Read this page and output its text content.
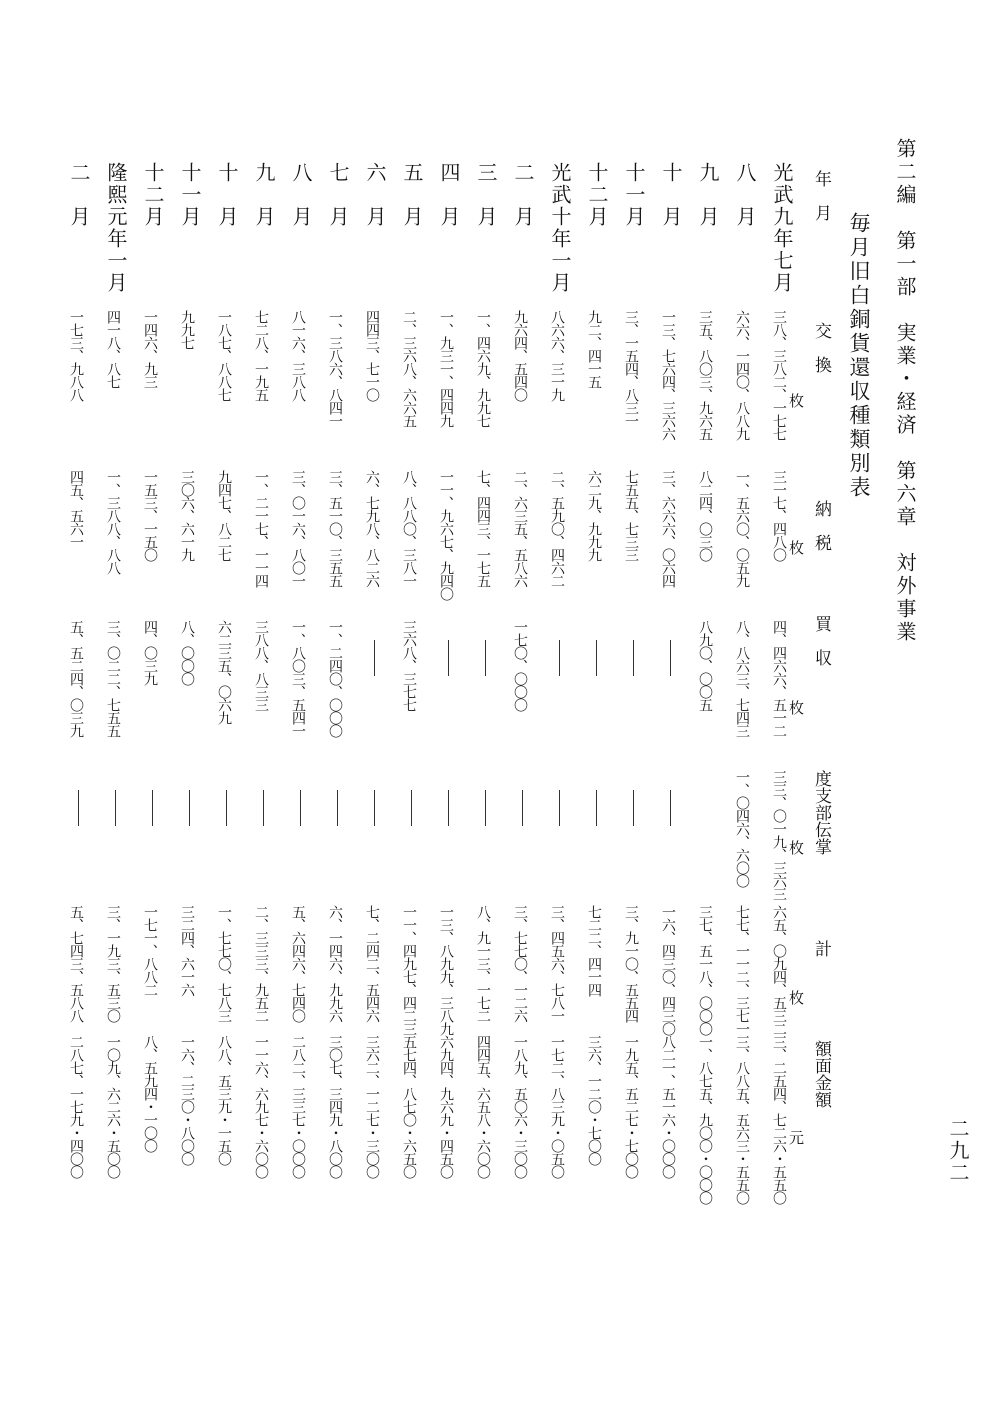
第二編　第一部　実業・経済　第六章　対外事業
二九二
毎月旧白銅貨還収種類別表
年　月
交　換
納　税
買　収
度支部伝掌
計
額面金額
光武九年七月
三八、三八二、一七七
三一七、四八〇
四、四六六、五一二
三三、〇一九、三六三
六五、〇九四、五三二
三、二五四、七二六・五五〇
八　月
六六、一四〇、八八九
一、五六〇、〇五九
八、八六三、七四三
一、〇四六、六〇〇
七七、一一二、三七一
三、八八五、五六三・五五〇
九　月
三五、八〇三、九六五
八二四、〇三〇
八九〇、〇〇五
三七、五一八、〇〇〇
一、八七五、九〇〇・〇〇〇
十　月
一三、七六四、三六六
三、六六六、〇六四
一六、四三〇、四三〇
八二一、五一六・〇〇〇
十一月
三、一五四、八三一
七五五、七三三
三、九一〇、五五四
一九五、五二七・七〇〇
十二月
九二、四一五
六二九、九九九
七二二、四一四
三六、一二〇・七〇〇
光武十年一月
八六六、三一九
二、五九〇、四六二
三、四五六、七八一
一七二、八三九・〇五〇
二　月
九六四、五四〇
二、六三五、五八六
一七〇、〇〇〇
三、七七〇、一二六
一八九、五〇六・三〇〇
三　月
一、四六九、九九七
七、四四三、一七五
八、九一三、一七二
四四五、六五八・六〇〇
四　月
一、九三一、四四九
一一、九六七、九四〇
一三、八九九、三八九
六九四、九六九・四五〇
五　月
二、三六八、六六五
八、八八〇、三八一
三六八、三七七
一一、四九七、四二三
五七四、八七〇・六五〇
六　月
四四三、七一〇
六、七九八、八二六
七、二四二、五四六
三六二、一二七・三〇〇
七　月
一、三八六、八四一
三、五一〇、三五五
一、二四〇、〇〇〇
六、一四六、九九六
三〇七、三四九・八〇〇
八　月
八一六、三八八
三、〇一六、八〇一
一、八〇三、五四一
五、六四六、七四〇
二八二、三三七・〇〇〇
九　月
七二八、一九五
一、二一七、一一四
三八八、八三三
二、三三三、九五二
一一六、六九七・六〇〇
十　月
一八七、八八七
九四七、八二七
六二三五、〇六九
一、七七〇、七八三
八八、五三九・一五〇
十一月
九九七
三〇六、六一九
八、〇〇〇
三二四、六一六
一六、二三〇・八〇〇
十二月
一四六、九三
一五三、一五〇
四、〇三九
一七一、八八二
八、五九四・一〇〇
隆熙元年一月
四一八、八七
一、三八八、八八
三、〇二二、七五五
三、一九三、五三〇
一〇九、六二六・五〇〇
二　月
一七三、九八八
四五、五六一
五、五二四、〇三九
五、七四三、五八八
二八七、一七九・四〇〇
枚
枚
枚
枚
枚
元
